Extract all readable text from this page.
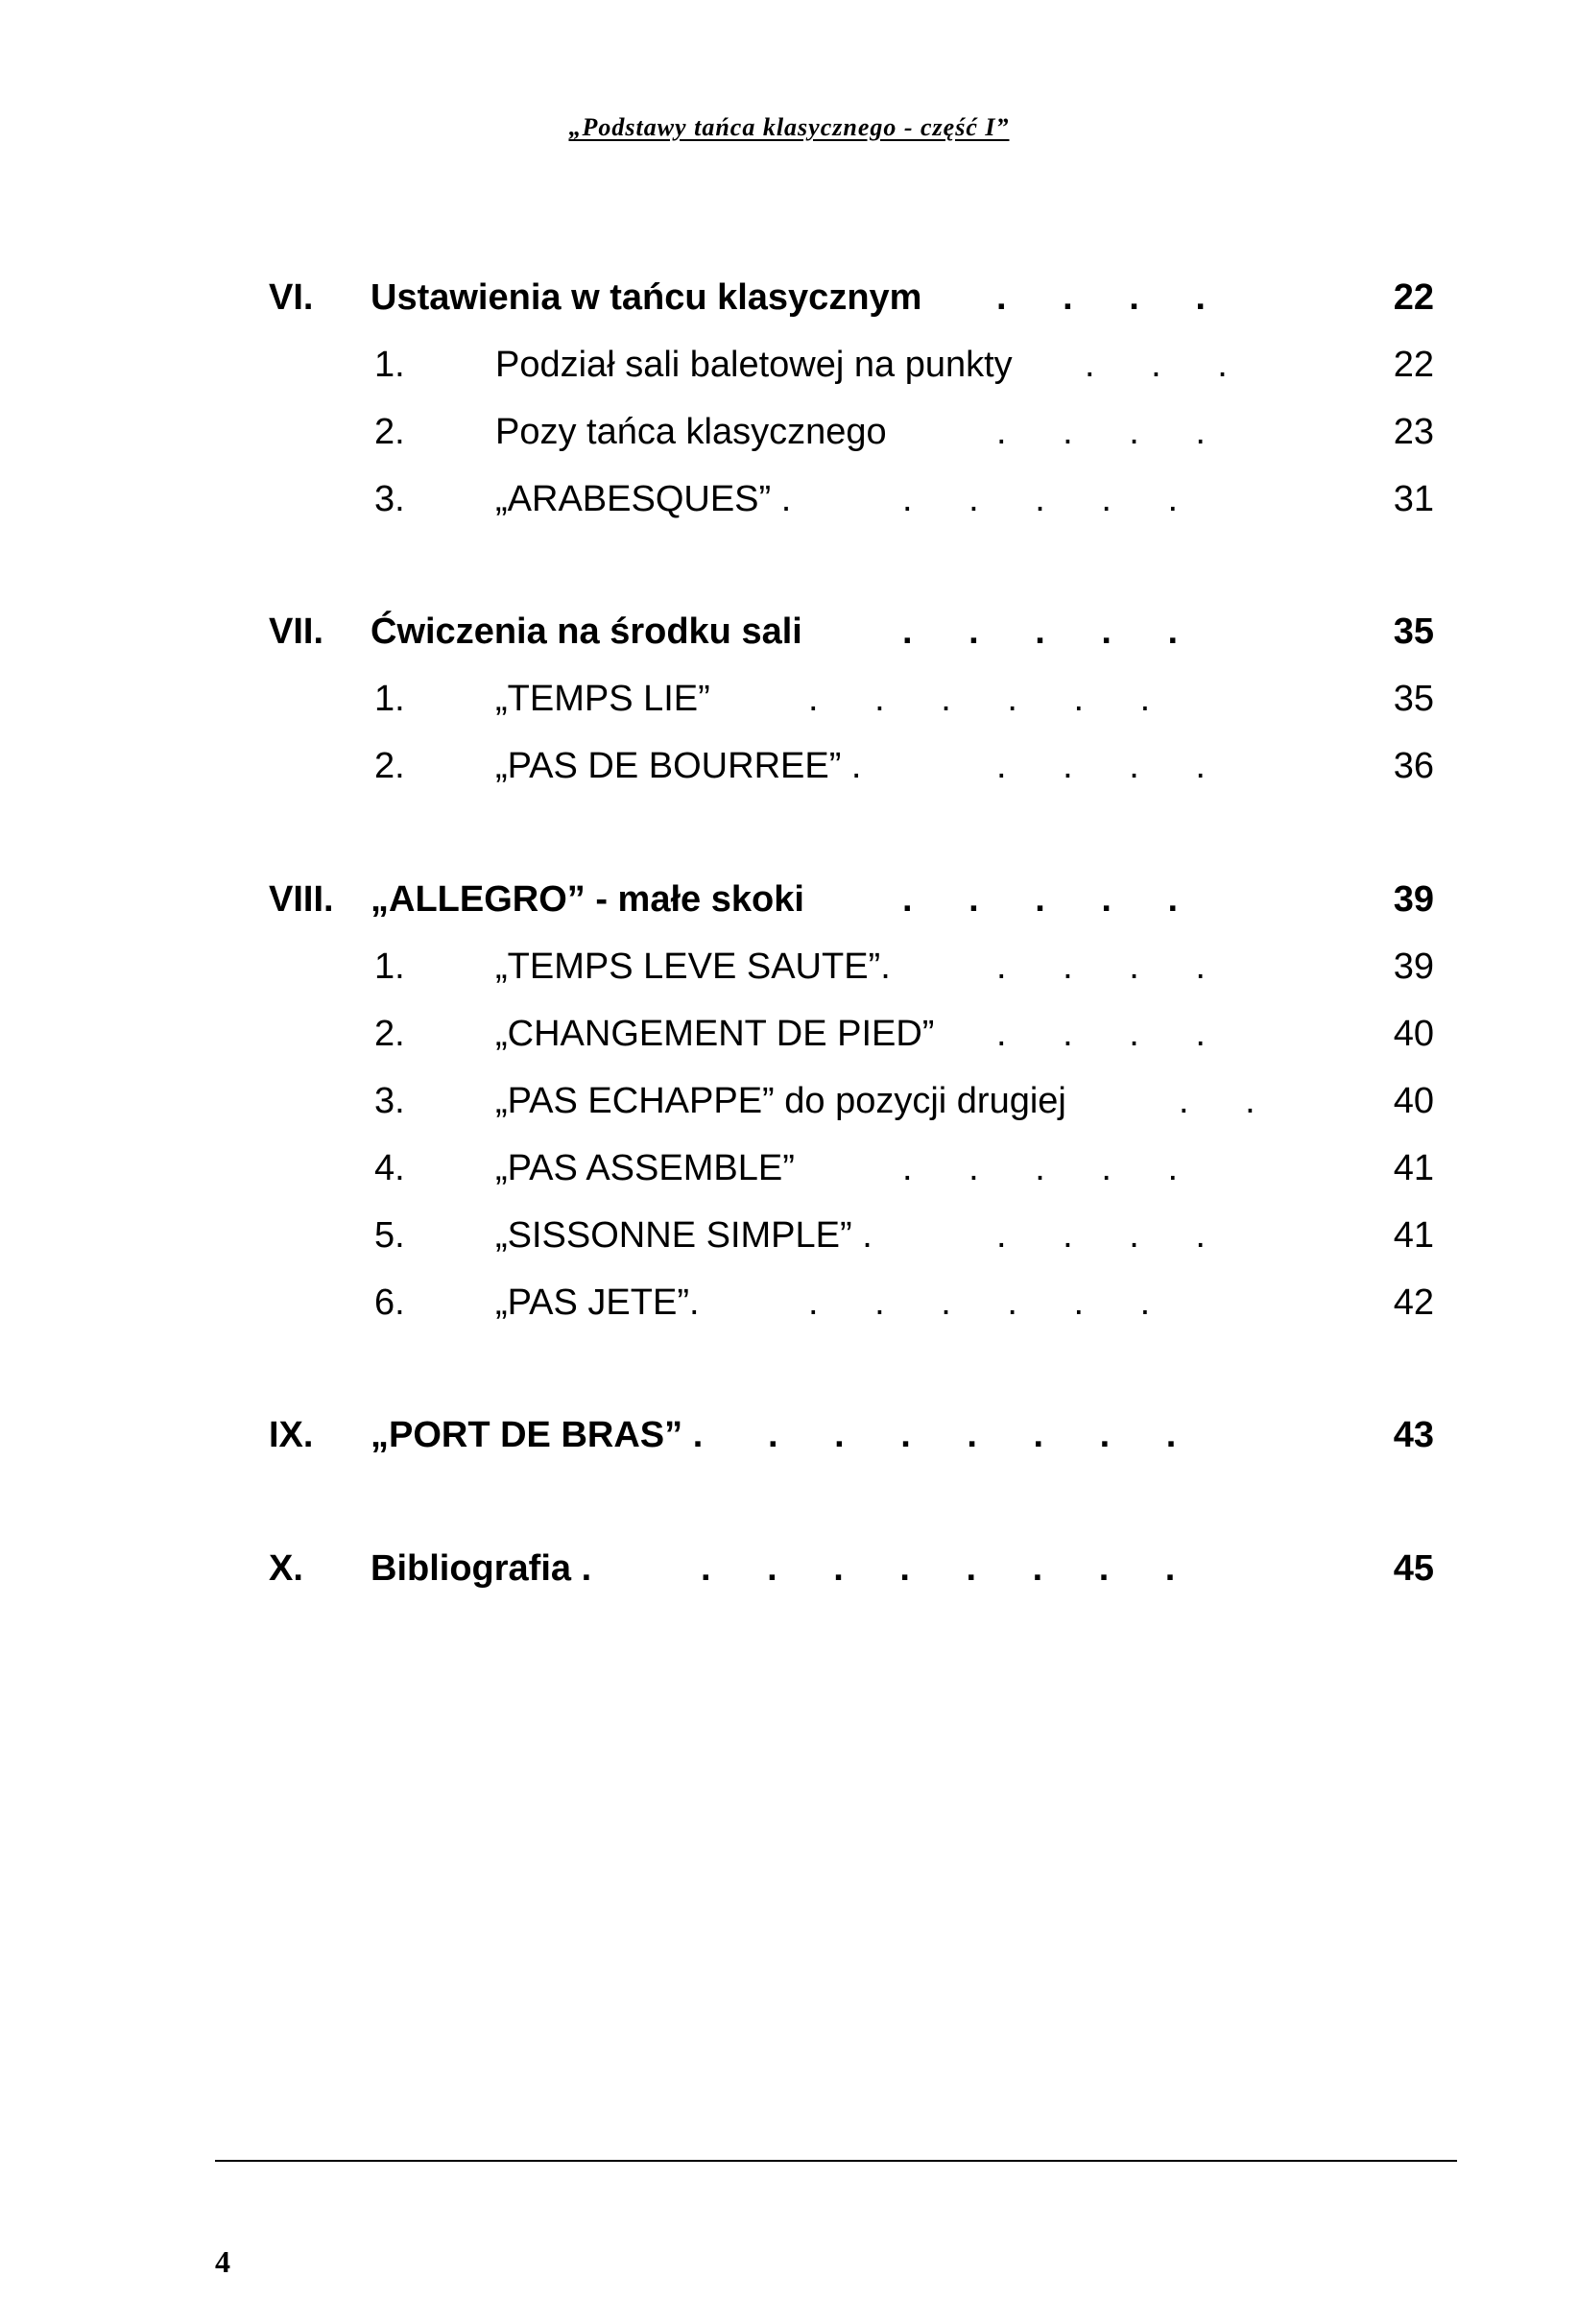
„Podstawy tańca klasycznego - część I”
VI. Ustawienia w tańcu klasycznym . . . .	22
1. Podział sali baletowej na punkty . . .	22
2. Pozy tańca klasycznego	. . . .	23
3. „ARABESQUES” .	. . . . .	31
VII. Ćwiczenia na środku sali	. . . . .	35
1. „TEMPS LIE”	. . . . . .	35
2. „PAS DE BOURREE” .	. . . .	36
VIII. „ALLEGRO” - małe skoki	. . . . .	39
1. „TEMPS LEVE SAUTE”.	. . . .	39
2. „CHANGEMENT DE PIED” . . . .	40
3. „PAS ECHAPPE” do pozycji drugiej	. .	40
4. „PAS ASSEMBLE”	. . . . .	41
5. „SISSONNE SIMPLE” .	. . . .	41
6. „PAS JETE”.	. . . . . .	42
IX. „PORT DE BRAS” . . . . . . . .	43
X. Bibliografia .	. . . . . . . .	45
4
